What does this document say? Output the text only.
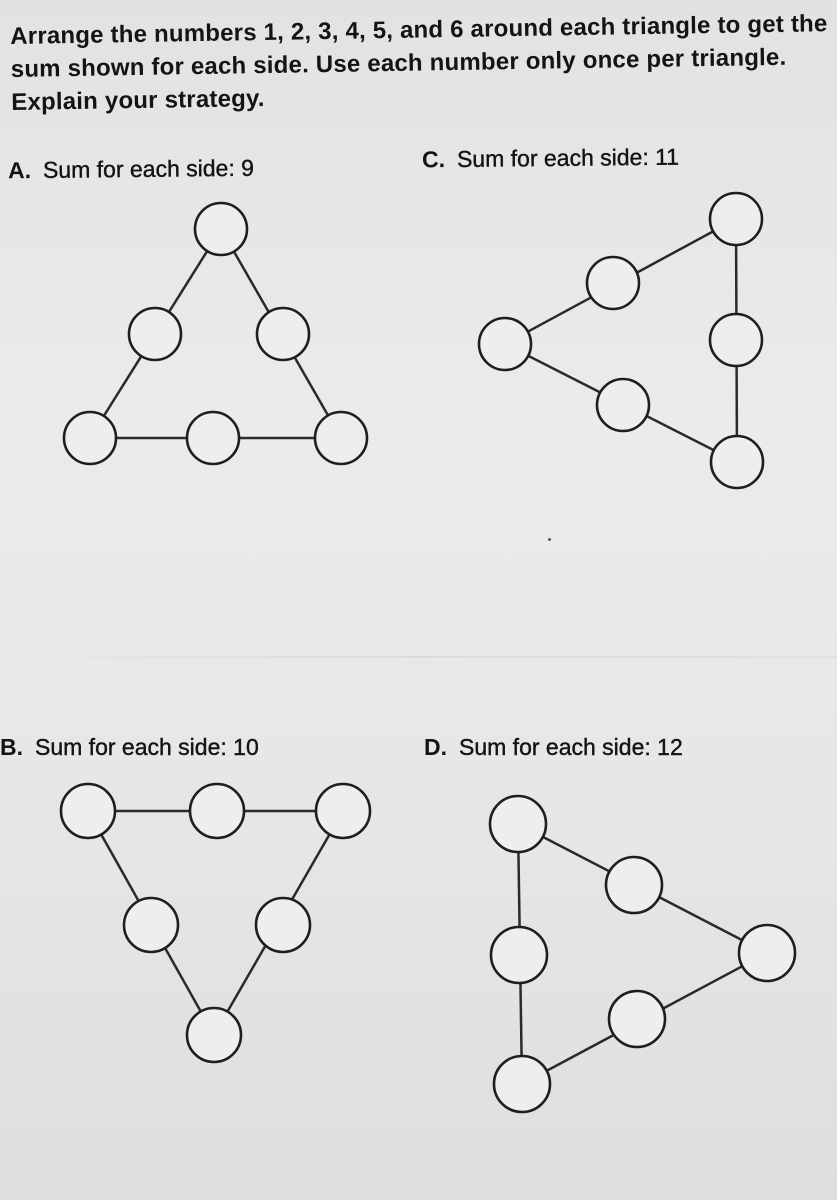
Arrange the numbers 1, 2, 3, 4, 5, and 6 around each triangle to get the sum shown for each side. Use each number only once per triangle. Explain your strategy.

A. Sum for each side: 9	C. Sum for each side: 11
B. Sum for each side: 10	D. Sum for each side: 12
